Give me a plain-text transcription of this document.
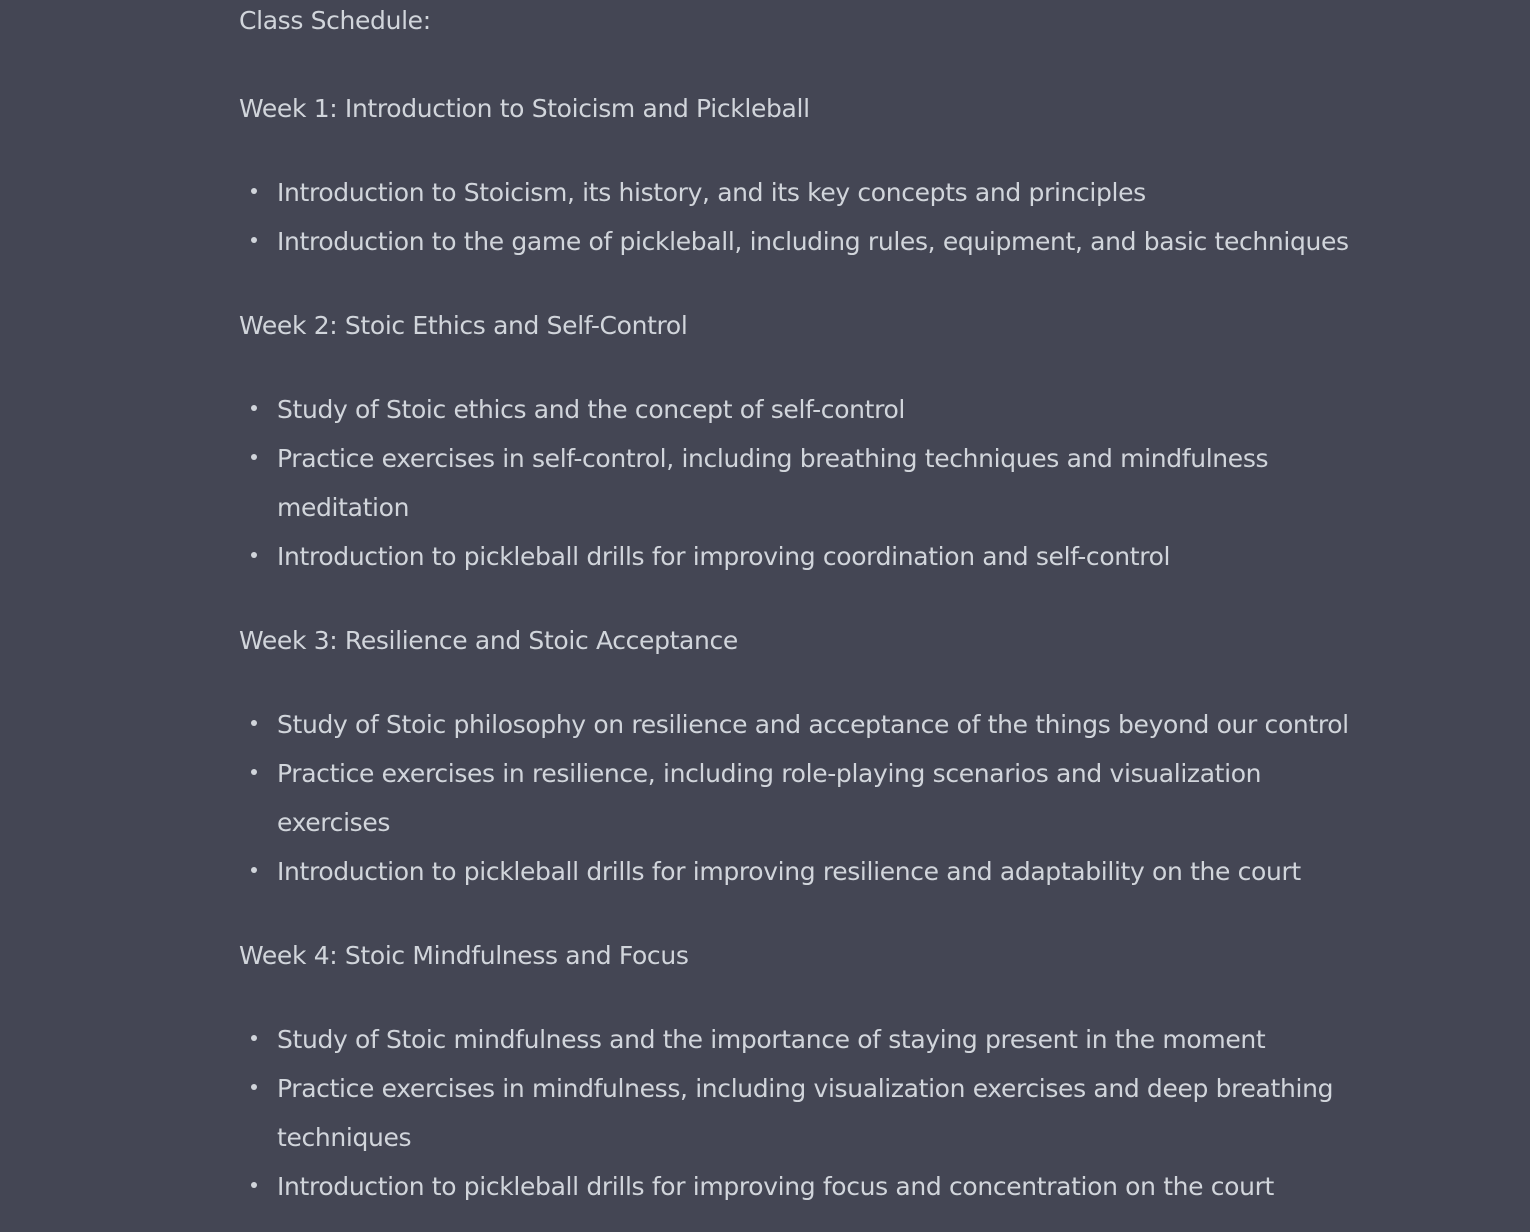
Class Schedule:

Week 1: Introduction to Stoicism and Pickleball

Introduction to Stoicism, its history, and its key concepts and principles
Introduction to the game of pickleball, including rules, equipment, and basic techniques

Week 2: Stoic Ethics and Self-Control

Study of Stoic ethics and the concept of self-control
Practice exercises in self-control, including breathing techniques and mindfulness meditation
Introduction to pickleball drills for improving coordination and self-control

Week 3: Resilience and Stoic Acceptance

Study of Stoic philosophy on resilience and acceptance of the things beyond our control
Practice exercises in resilience, including role-playing scenarios and visualization exercises
Introduction to pickleball drills for improving resilience and adaptability on the court

Week 4: Stoic Mindfulness and Focus

Study of Stoic mindfulness and the importance of staying present in the moment
Practice exercises in mindfulness, including visualization exercises and deep breathing techniques
Introduction to pickleball drills for improving focus and concentration on the court
